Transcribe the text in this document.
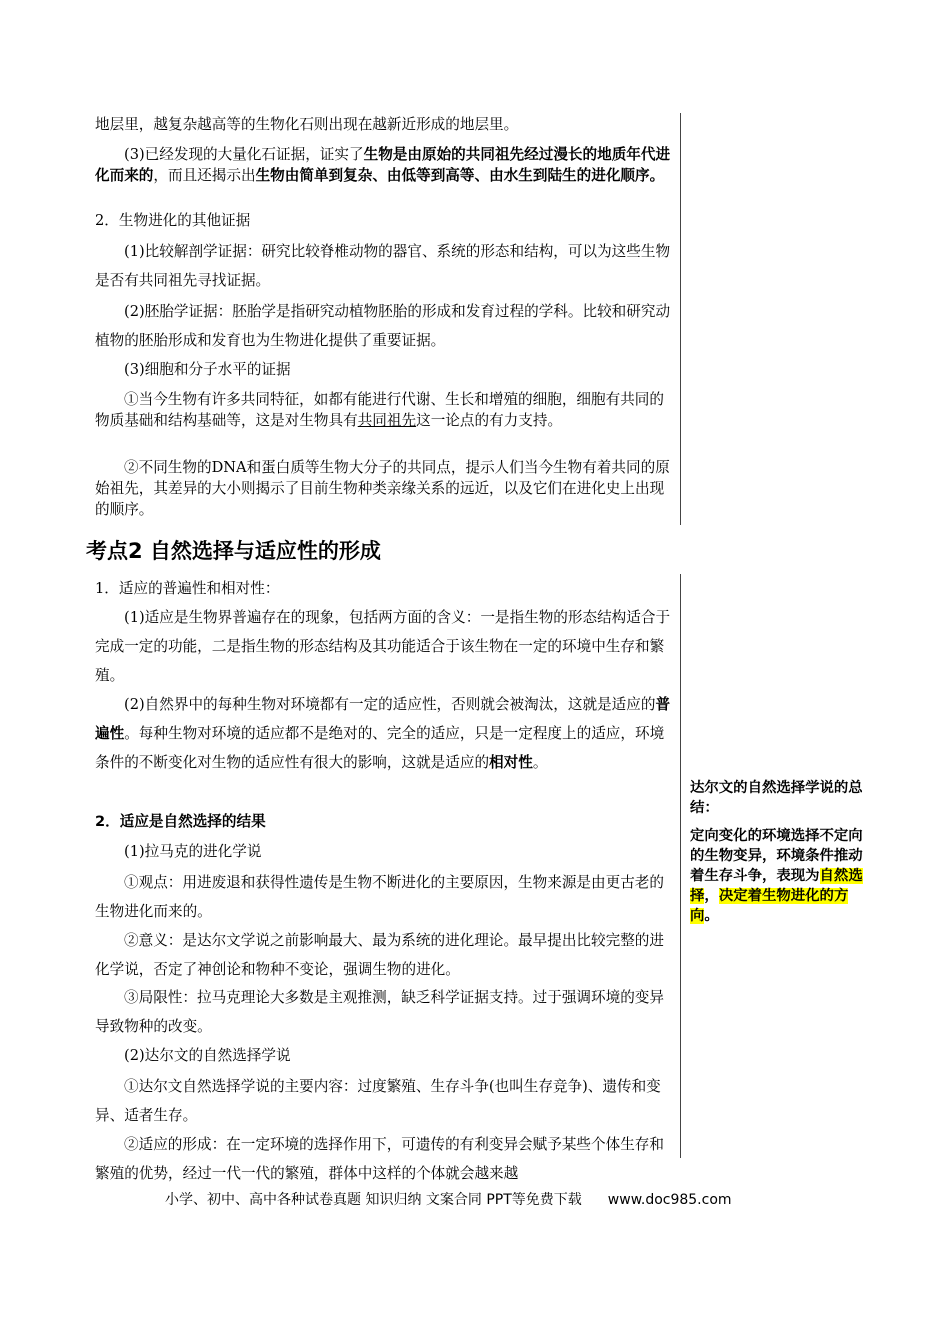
地层里，越复杂越高等的生物化石则出现在越新近形成的地层里。
(3)已经发现的大量化石证据，证实了生物是由原始的共同祖先经过漫长的地质年代进化而来的，而且还揭示出生物由简单到复杂、由低等到高等、由水生到陆生的进化顺序。
2．生物进化的其他证据
(1)比较解剖学证据：研究比较脊椎动物的器官、系统的形态和结构，可以为这些生物是否有共同祖先寻找证据。
(2)胚胎学证据：胚胎学是指研究动植物胚胎的形成和发育过程的学科。比较和研究动植物的胚胎形成和发育也为生物进化提供了重要证据。
(3)细胞和分子水平的证据
①当今生物有许多共同特征，如都有能进行代谢、生长和增殖的细胞，细胞有共同的物质基础和结构基础等，这是对生物具有共同祖先这一论点的有力支持。
②不同生物的DNA和蛋白质等生物大分子的共同点，提示人们当今生物有着共同的原始祖先，其差异的大小则揭示了目前生物种类亲缘关系的远近，以及它们在进化史上出现的顺序。
考点2 自然选择与适应性的形成
1．适应的普遍性和相对性：
(1)适应是生物界普遍存在的现象，包括两方面的含义：一是指生物的形态结构适合于完成一定的功能，二是指生物的形态结构及其功能适合于该生物在一定的环境中生存和繁殖。
(2)自然界中的每种生物对环境都有一定的适应性，否则就会被淘汰，这就是适应的普遍性。每种生物对环境的适应都不是绝对的、完全的适应，只是一定程度上的适应，环境条件的不断变化对生物的适应性有很大的影响，这就是适应的相对性。
2．适应是自然选择的结果
(1)拉马克的进化学说
①观点：用进废退和获得性遗传是生物不断进化的主要原因，生物来源是由更古老的生物进化而来的。
②意义：是达尔文学说之前影响最大、最为系统的进化理论。最早提出比较完整的进化学说，否定了神创论和物种不变论，强调生物的进化。
③局限性：拉马克理论大多数是主观推测，缺乏科学证据支持。过于强调环境的变异导致物种的改变。
(2)达尔文的自然选择学说
①达尔文自然选择学说的主要内容：过度繁殖、生存斗争(也叫生存竞争)、遗传和变异、适者生存。
②适应的形成：在一定环境的选择作用下，可遗传的有利变异会赋予某些个体生存和繁殖的优势，经过一代一代的繁殖，群体中这样的个体就会越来越
达尔文的自然选择学说的总结：
定向变化的环境选择不定向的生物变异，环境条件推动着生存斗争，表现为自然选择，决定着生物进化的方向。
小学、初中、高中各种试卷真题 知识归纳 文案合同 PPT等免费下载 www.doc985.com
